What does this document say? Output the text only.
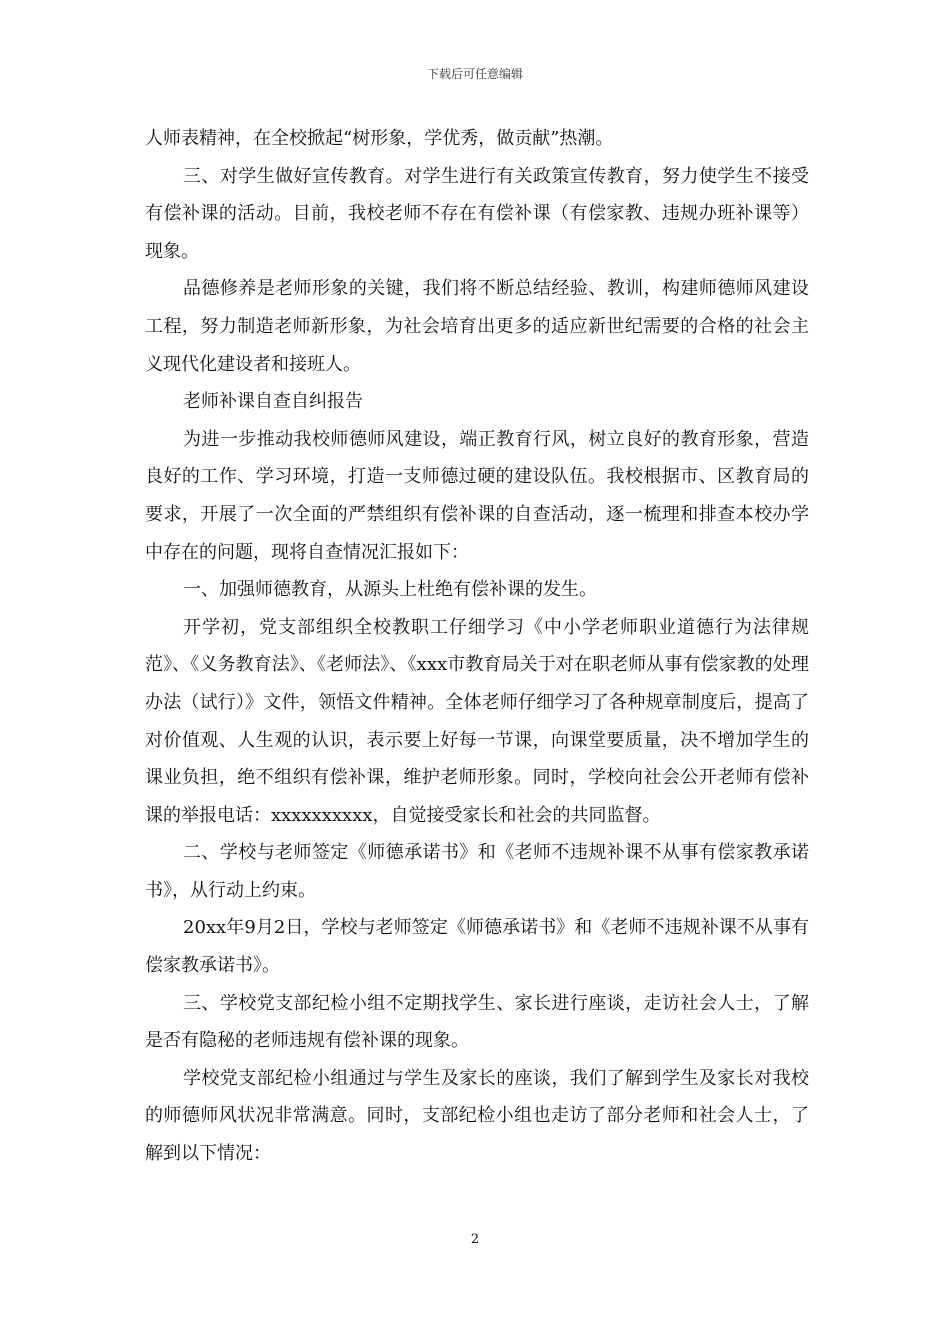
下载后可任意编辑

人师表精神，在全校掀起“树形象，学优秀，做贡献”热潮。

三、对学生做好宣传教育。对学生进行有关政策宣传教育，努力使学生不接受有偿补课的活动。目前，我校老师不存在有偿补课（有偿家教、违规办班补课等）现象。

品德修养是老师形象的关键，我们将不断总结经验、教训，构建师德师风建设工程，努力制造老师新形象，为社会培育出更多的适应新世纪需要的合格的社会主义现代化建设者和接班人。

老师补课自查自纠报告

为进一步推动我校师德师风建设，端正教育行风，树立良好的教育形象，营造良好的工作、学习环境，打造一支师德过硬的建设队伍。我校根据市、区教育局的要求，开展了一次全面的严禁组织有偿补课的自查活动，逐一梳理和排查本校办学中存在的问题，现将自查情况汇报如下：

一、加强师德教育，从源头上杜绝有偿补课的发生。

开学初，党支部组织全校教职工仔细学习《中小学老师职业道德行为法律规范》、《义务教育法》、《老师法》、《xxx市教育局关于对在职老师从事有偿家教的处理办法（试行）》文件，领悟文件精神。全体老师仔细学习了各种规章制度后，提高了对价值观、人生观的认识，表示要上好每一节课，向课堂要质量，决不增加学生的课业负担，绝不组织有偿补课，维护老师形象。同时，学校向社会公开老师有偿补课的举报电话：xxxxxxxxxx，自觉接受家长和社会的共同监督。

二、学校与老师签定《师德承诺书》和《老师不违规补课不从事有偿家教承诺书》，从行动上约束。

20xx年9月2日，学校与老师签定《师德承诺书》和《老师不违规补课不从事有偿家教承诺书》。

三、学校党支部纪检小组不定期找学生、家长进行座谈，走访社会人士，了解是否有隐秘的老师违规有偿补课的现象。

学校党支部纪检小组通过与学生及家长的座谈，我们了解到学生及家长对我校的师德师风状况非常满意。同时，支部纪检小组也走访了部分老师和社会人士，了解到以下情况：

2
